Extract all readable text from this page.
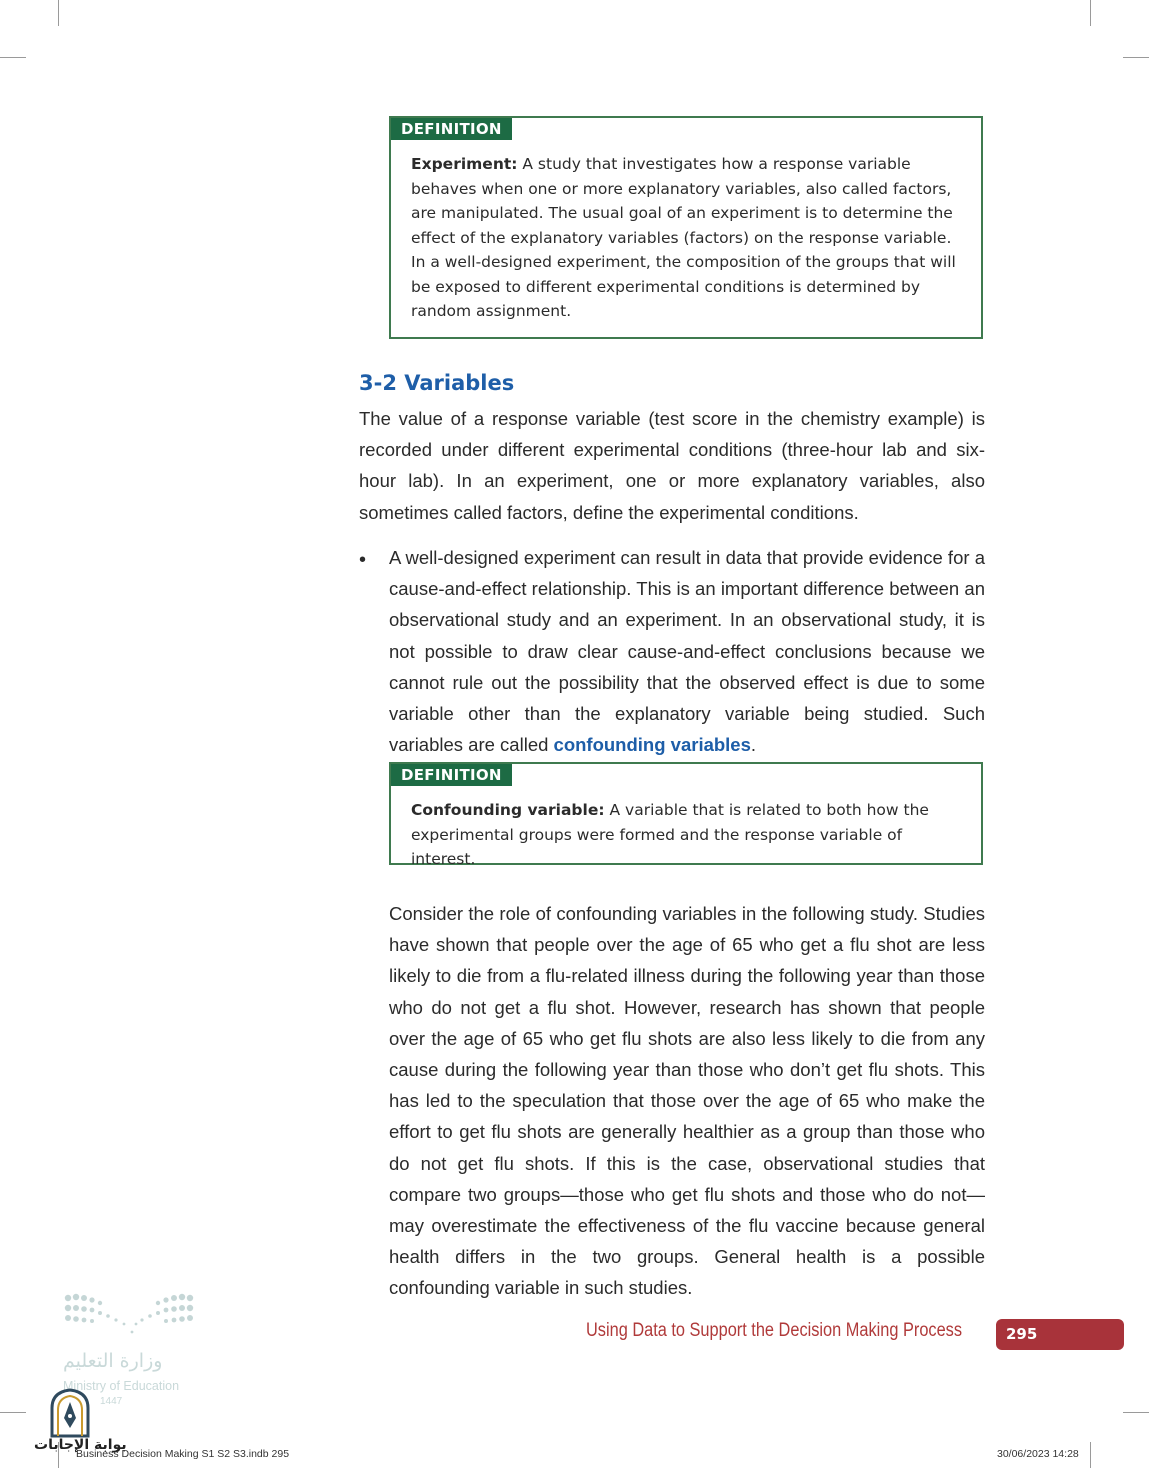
DEFINITION

Experiment: A study that investigates how a response variable behaves when one or more explanatory variables, also called factors, are manipulated. The usual goal of an experiment is to determine the effect of the explanatory variables (factors) on the response variable. In a well-designed experiment, the composition of the groups that will be exposed to different experimental conditions is determined by random assignment.

3-2 Variables

The value of a response variable (test score in the chemistry example) is recorded under different experimental conditions (three-hour lab and six-hour lab). In an experiment, one or more explanatory variables, also sometimes called factors, define the experimental conditions.

• A well-designed experiment can result in data that provide evidence for a cause-and-effect relationship. This is an important difference between an observational study and an experiment. In an observational study, it is not possible to draw clear cause-and-effect conclusions because we cannot rule out the possibility that the observed effect is due to some variable other than the explanatory variable being studied. Such variables are called confounding variables.

DEFINITION

Confounding variable: A variable that is related to both how the experimental groups were formed and the response variable of interest.

Consider the role of confounding variables in the following study. Studies have shown that people over the age of 65 who get a flu shot are less likely to die from a flu-related illness during the following year than those who do not get a flu shot. However, research has shown that people over the age of 65 who get flu shots are also less likely to die from any cause during the following year than those who don’t get flu shots. This has led to the speculation that those over the age of 65 who make the effort to get flu shots are generally healthier as a group than those who do not get flu shots. If this is the case, observational studies that compare two groups—those who get flu shots and those who do not—may overestimate the effectiveness of the flu vaccine because general health differs in the two groups. General health is a possible confounding variable in such studies.

Using Data to Support the Decision Making Process	295
وزارة التعليم
Ministry of Education
1447
بوابة الإجابات
Business Decision Making S1 S2 S3.indb 295	30/06/2023 14:28
